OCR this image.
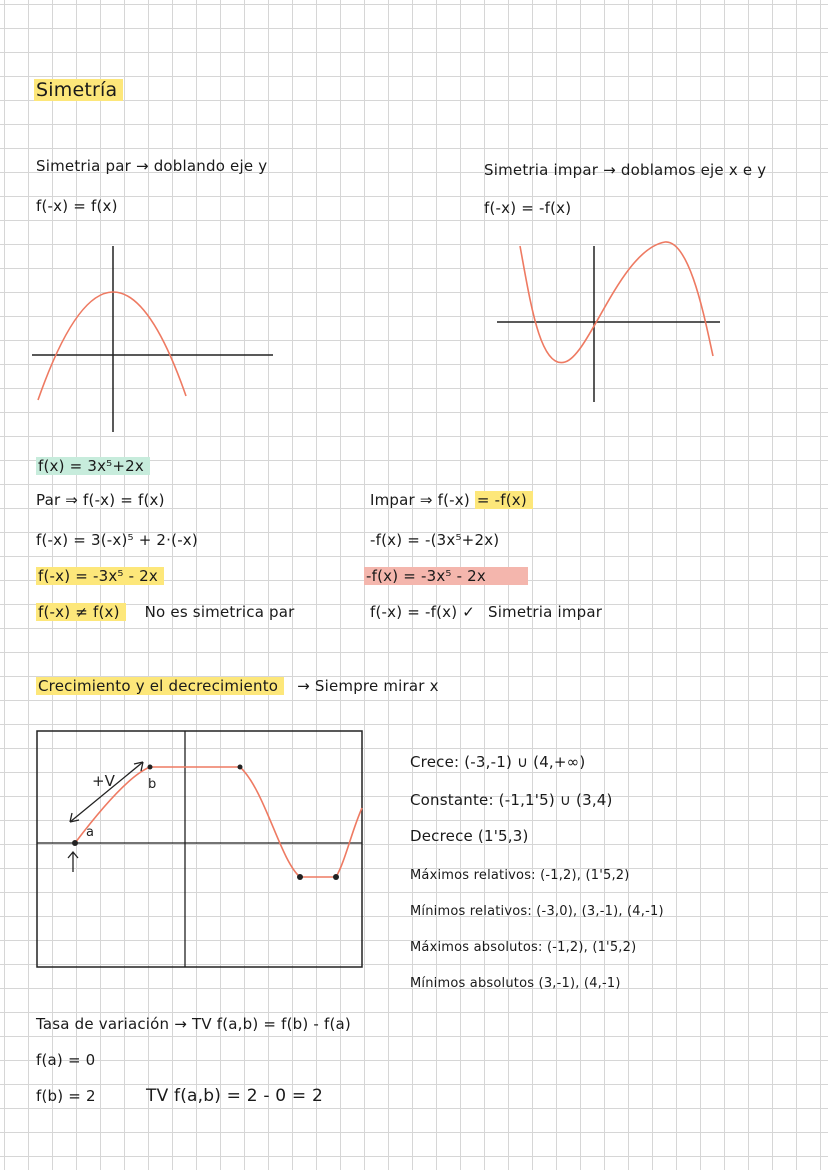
Simetría
Simetria par → doblando eje y
f(-x) = f(x)
Simetria impar → doblamos eje x e y
f(-x) = -f(x)
f(x) = 3x⁵+2x
Par ⇒ f(-x) = f(x)
f(-x) = 3(-x)⁵ + 2·(-x)
f(-x) = -3x⁵ - 2x
f(-x) ≠ f(x) No es simetrica par
Impar ⇒ f(-x) = -f(x)
-f(x) = -(3x⁵+2x)
-f(x) = -3x⁵ - 2x
f(-x) = -f(x) ✓ Simetria impar
Crecimiento y el decrecimiento → Siempre mirar x
+V
a
b
Crece: (-3,-1) ∪ (4,+∞)
Constante: (-1,1'5) ∪ (3,4)
Decrece (1'5,3)
Máximos relativos: (-1,2), (1'5,2)
Mínimos relativos: (-3,0), (3,-1), (4,-1)
Máximos absolutos: (-1,2), (1'5,2)
Mínimos absolutos (3,-1), (4,-1)
Tasa de variación → TV f(a,b) = f(b) - f(a)
f(a) = 0
f(b) = 2	TV f(a,b) = 2 - 0 = 2
